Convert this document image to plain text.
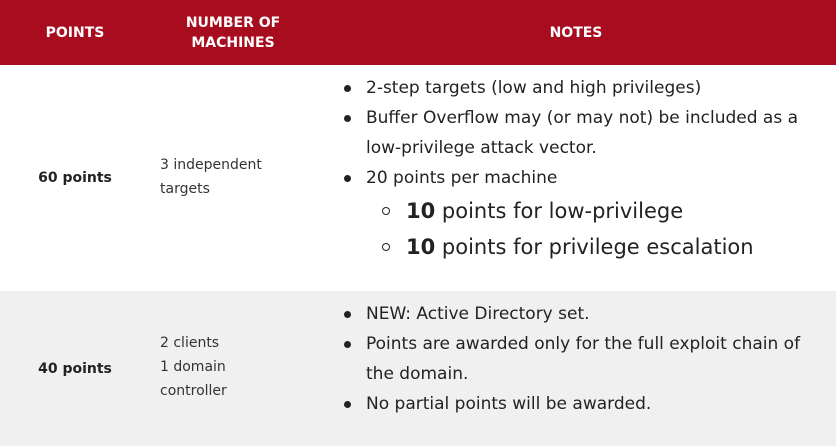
POINTS
NUMBER OF
MACHINES
NOTES
60 points
3 independent
targets
2-step targets (low and high privileges)
Buffer Overflow may (or may not) be included as a
low-privilege attack vector.
20 points per machine
10 points for low-privilege
10 points for privilege escalation
40 points
2 clients
1 domain
controller
NEW: Active Directory set.
Points are awarded only for the full exploit chain of
the domain.
No partial points will be awarded.
